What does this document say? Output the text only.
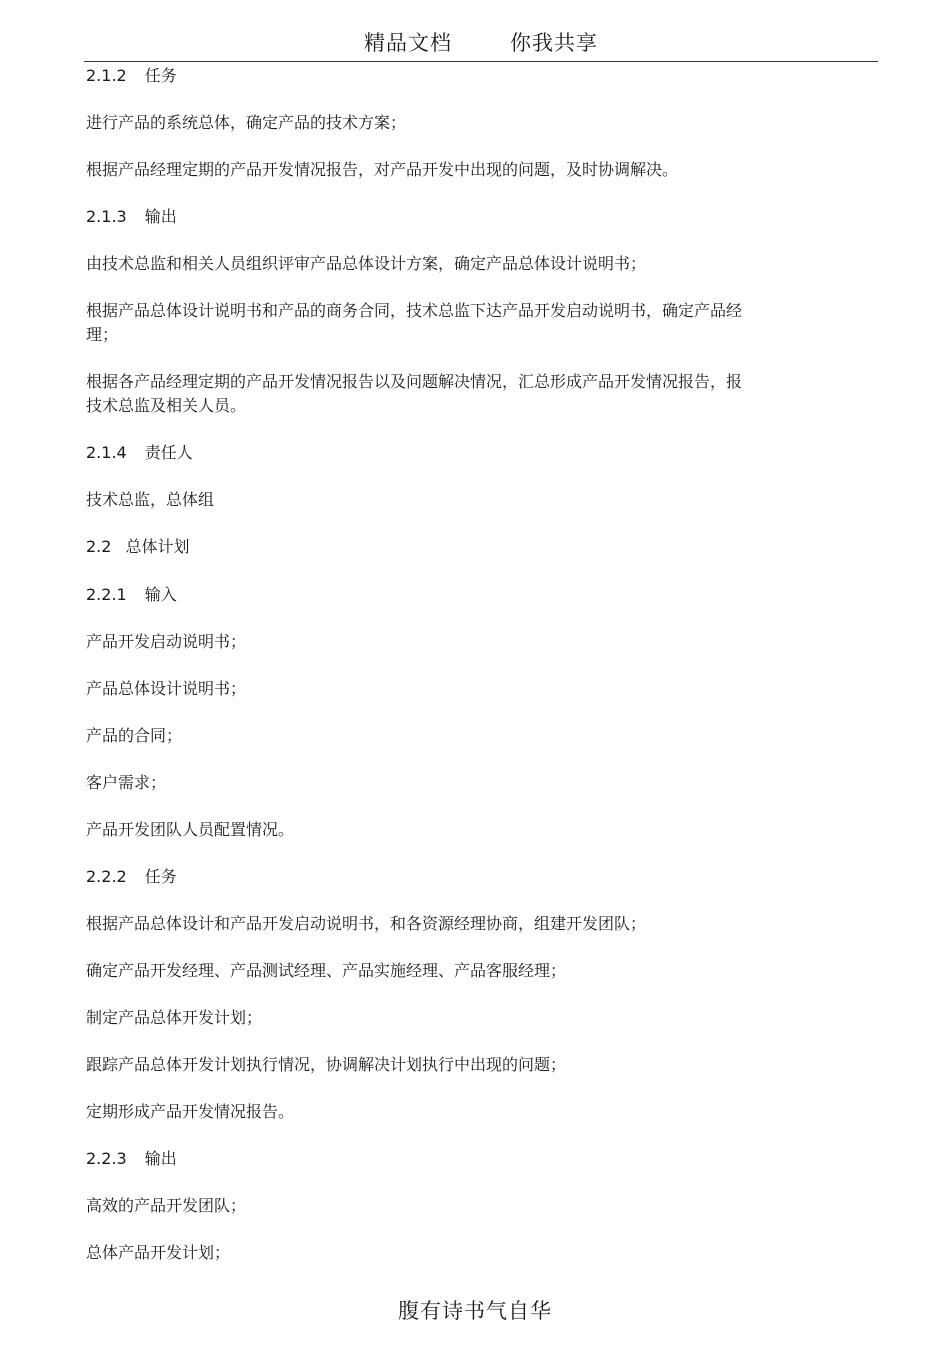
精品文档	你我共享
2.1.2 任务
进行产品的系统总体，确定产品的技术方案；
根据产品经理定期的产品开发情况报告，对产品开发中出现的问题，及时协调解决。
2.1.3 输出
由技术总监和相关人员组织评审产品总体设计方案，确定产品总体设计说明书；
根据产品总体设计说明书和产品的商务合同，技术总监下达产品开发启动说明书，确定产品经
理；
根据各产品经理定期的产品开发情况报告以及问题解决情况，汇总形成产品开发情况报告，报
技术总监及相关人员。
2.1.4 责任人
技术总监，总体组
2.2 总体计划
2.2.1 输入
产品开发启动说明书；
产品总体设计说明书；
产品的合同；
客户需求；
产品开发团队人员配置情况。
2.2.2 任务
根据产品总体设计和产品开发启动说明书，和各资源经理协商，组建开发团队；
确定产品开发经理、产品测试经理、产品实施经理、产品客服经理；
制定产品总体开发计划；
跟踪产品总体开发计划执行情况，协调解决计划执行中出现的问题；
定期形成产品开发情况报告。
2.2.3 输出
高效的产品开发团队；
总体产品开发计划；
腹有诗书气自华
